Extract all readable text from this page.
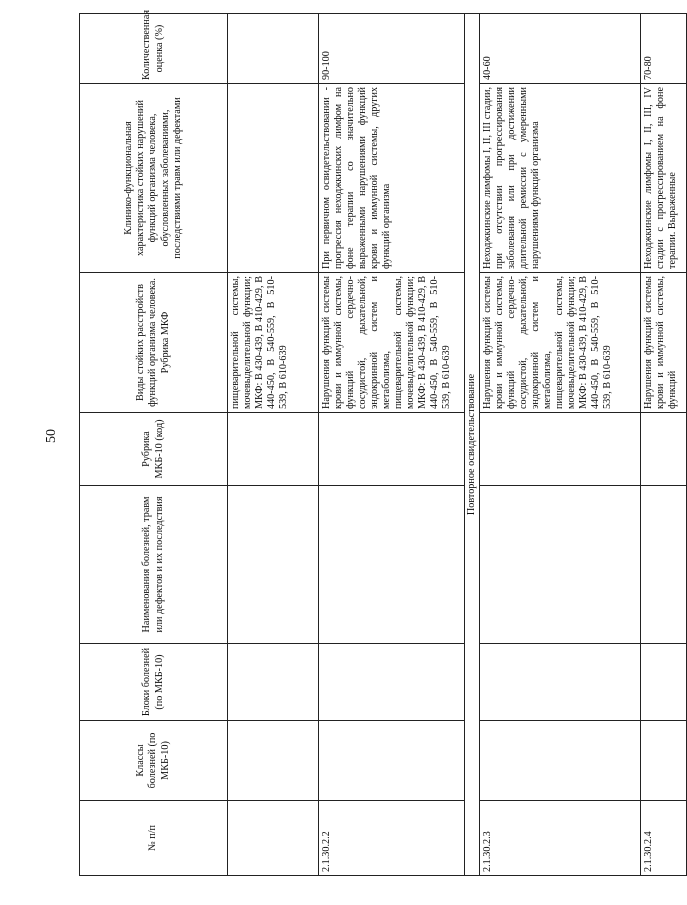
50
№ п/п	Классы болезней (по МКБ-10)	Блоки болезней (по МКБ-10)	Наименования болезней, травм или дефектов и их последствия	Рубрика МКБ-10 (код)	Виды стойких расстройств функций организма человека. Рубрика МКФ	Клинико-функциональная характеристика стойких нарушений функций организма человека, обусловленных заболеваниями, последствиями травм или дефектами	Количественная оценка (%)
					пищеварительной системы, мочевыделительной функции; МКФ: В 430-439, В 410-429, В 440-450, В 540-559, В 510-539, В 610-639		
2.1.30.2.2					Нарушения функций системы крови и иммунной системы, функций сердечно-сосудистой, дыхательной, эндокринной систем и метаболизма, пищеварительной системы, мочевыделительной функции; МКФ: В 430-439, В 410-429, В 440-450, В 540-559, В 510-539, В 610-639	При первичном освидетельствовании - прогрессия неходжкинских лимфом на фоне терапии со значительно выраженными нарушениями функций крови и иммунной системы, других функций организма	90-100
Повторное освидетельствование							
2.1.30.2.3					Нарушения функций системы крови и иммунной системы, функций сердечно-сосудистой, дыхательной, эндокринной систем и метаболизма, пищеварительной системы, мочевыделительной функции; МКФ: В 430-439, В 410-429, В 440-450, В 540-559, В 510-539, В 610-639	Неходжкинские лимфомы I, II, III стадии, при отсутствии прогрессирования заболевания или при достижении длительной ремиссии с умеренными нарушениями функций организма	40-60
2.1.30.2.4					Нарушения функций системы крови и иммунной системы, функций	Неходжкинские лимфомы I, II, III, IV стадии с прогрессированием на фоне терапии. Выраженные	70-80
